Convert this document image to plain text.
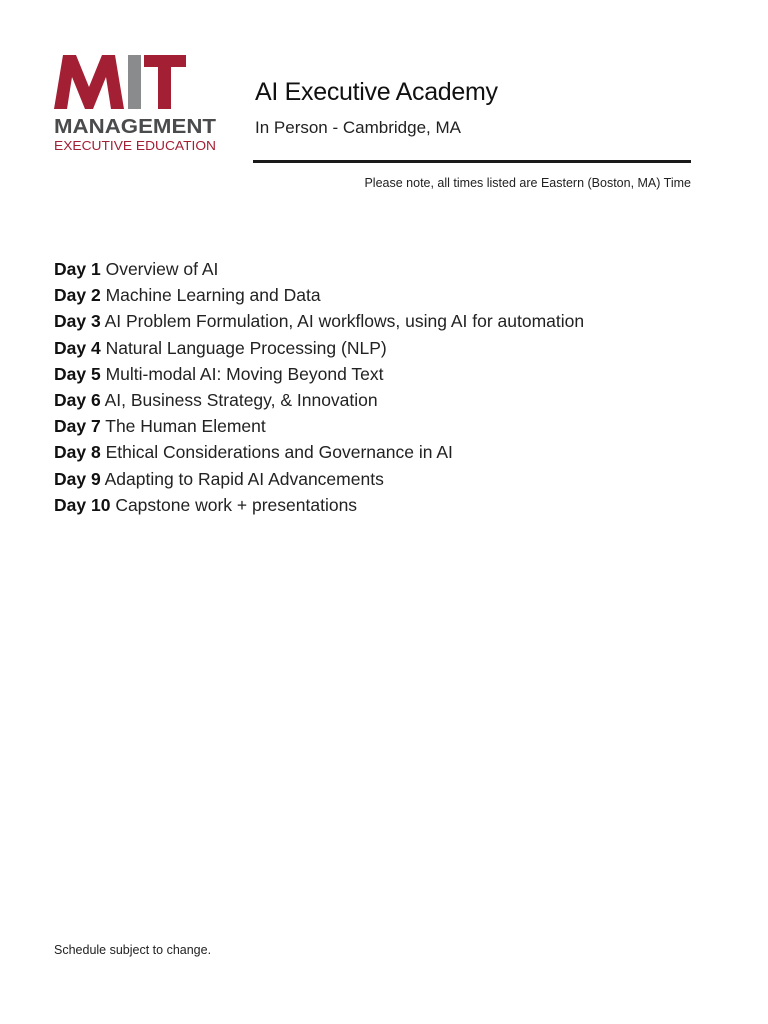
MANAGEMENT
EXECUTIVE EDUCATION
AI Executive Academy
In Person - Cambridge, MA
Please note, all times listed are Eastern (Boston, MA) Time
Day 1 Overview of AI
Day 2 Machine Learning and Data
Day 3 AI Problem Formulation, AI workflows, using AI for automation
Day 4 Natural Language Processing (NLP)
Day 5 Multi-modal AI: Moving Beyond Text
Day 6 AI, Business Strategy, & Innovation
Day 7 The Human Element
Day 8 Ethical Considerations and Governance in AI
Day 9 Adapting to Rapid AI Advancements
Day 10 Capstone work + presentations
Schedule subject to change.
